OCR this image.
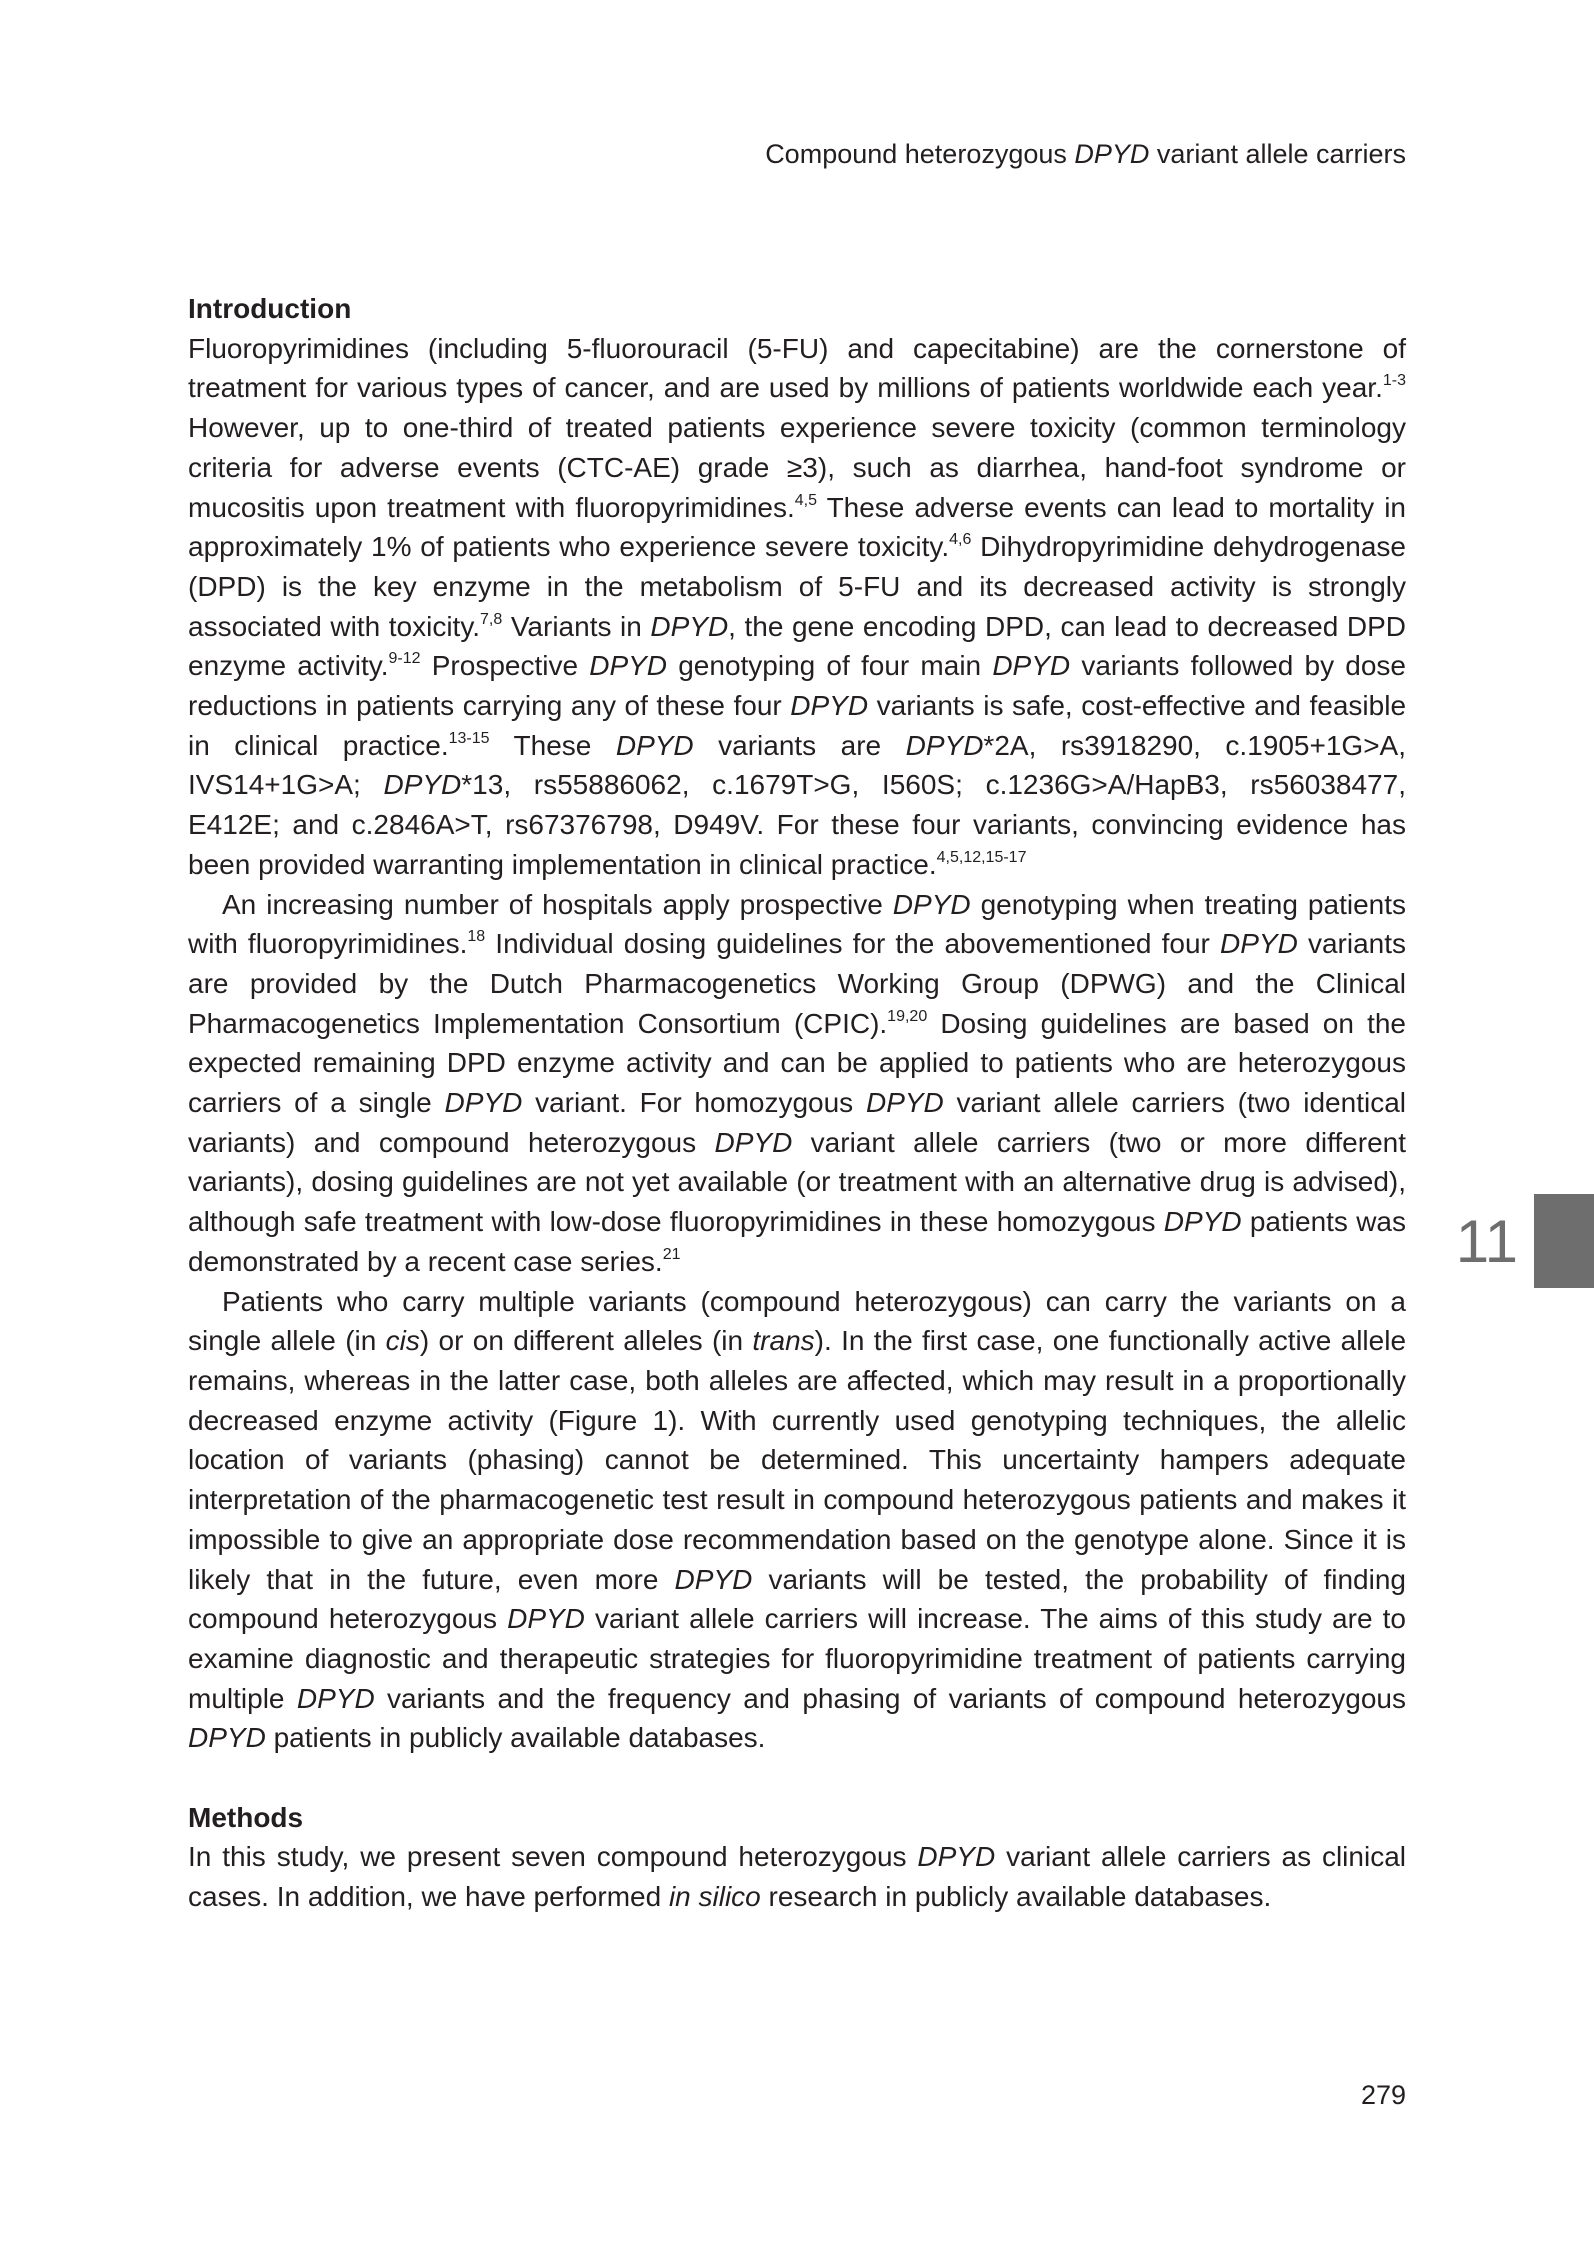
Compound heterozygous DPYD variant allele carriers
Introduction

Fluoropyrimidines (including 5-fluorouracil (5-FU) and capecitabine) are the cornerstone of treatment for various types of cancer, and are used by millions of patients worldwide each year.$^{1-3}$ However, up to one-third of treated patients experience severe toxicity (common terminology criteria for adverse events (CTC-AE) grade ≥3), such as diarrhea, hand-foot syndrome or mucositis upon treatment with fluoropyrimidines.$^{4,5}$ These adverse events can lead to mortality in approximately 1% of patients who experience severe toxicity.$^{4,6}$ Dihydropyrimidine dehydrogenase (DPD) is the key enzyme in the metabolism of 5-FU and its decreased activity is strongly associated with toxicity.$^{7,8}$ Variants in DPYD, the gene encoding DPD, can lead to decreased DPD enzyme activity.$^{9-12}$ Prospective DPYD genotyping of four main DPYD variants followed by dose reductions in patients carrying any of these four DPYD variants is safe, cost-effective and feasible in clinical practice.$^{13-15}$ These DPYD variants are DPYD*2A, rs3918290, c.1905+1G>A, IVS14+1G>A; DPYD*13, rs55886062, c.1679T>G, I560S; c.1236G>A/HapB3, rs56038477, E412E; and c.2846A>T, rs67376798, D949V. For these four variants, convincing evidence has been provided warranting implementation in clinical practice.$^{4,5,12,15-17}$

An increasing number of hospitals apply prospective DPYD genotyping when treating patients with fluoropyrimidines.$^{18}$ Individual dosing guidelines for the abovementioned four DPYD variants are provided by the Dutch Pharmacogenetics Working Group (DPWG) and the Clinical Pharmacogenetics Implementation Consortium (CPIC).$^{19,20}$ Dosing guidelines are based on the expected remaining DPD enzyme activity and can be applied to patients who are heterozygous carriers of a single DPYD variant. For homozygous DPYD variant allele carriers (two identical variants) and compound heterozygous DPYD variant allele carriers (two or more different variants), dosing guidelines are not yet available (or treatment with an alternative drug is advised), although safe treatment with low-dose fluoropyrimidines in these homozygous DPYD patients was demonstrated by a recent case series.$^{21}$

Patients who carry multiple variants (compound heterozygous) can carry the variants on a single allele (in cis) or on different alleles (in trans). In the first case, one functionally active allele remains, whereas in the latter case, both alleles are affected, which may result in a proportionally decreased enzyme activity (Figure 1). With currently used genotyping techniques, the allelic location of variants (phasing) cannot be determined. This uncertainty hampers adequate interpretation of the pharmacogenetic test result in compound heterozygous patients and makes it impossible to give an appropriate dose recommendation based on the genotype alone. Since it is likely that in the future, even more DPYD variants will be tested, the probability of finding compound heterozygous DPYD variant allele carriers will increase. The aims of this study are to examine diagnostic and therapeutic strategies for fluoropyrimidine treatment of patients carrying multiple DPYD variants and the frequency and phasing of variants of compound heterozygous DPYD patients in publicly available databases.

Methods

In this study, we present seven compound heterozygous DPYD variant allele carriers as clinical cases. In addition, we have performed in silico research in publicly available databases.

11
279
